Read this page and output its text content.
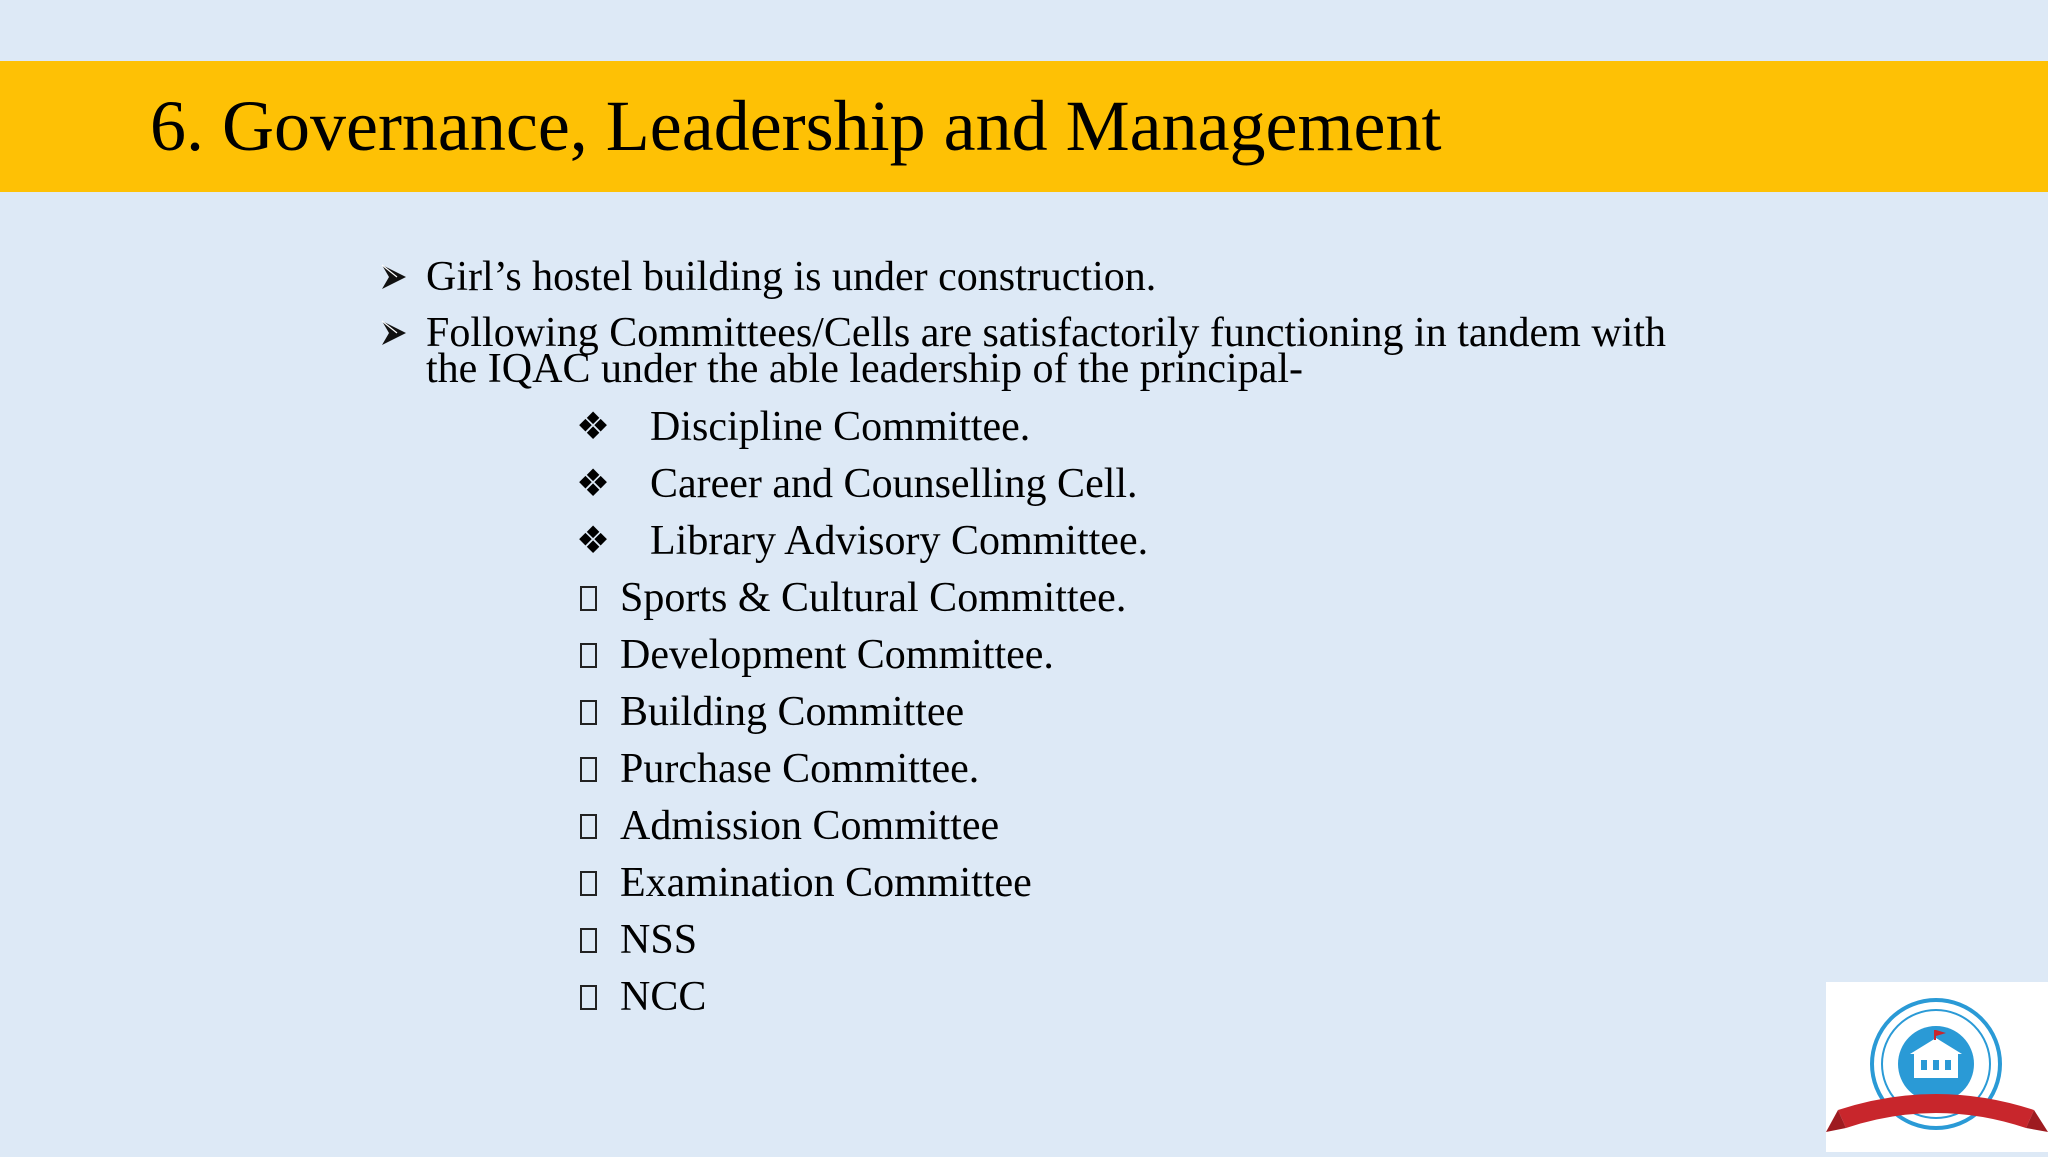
6. Governance, Leadership and Management
Girl’s hostel building is under construction.
Following Committees/Cells are satisfactorily functioning in tandem with
the IQAC under the able leadership of the principal-
❖ Discipline Committee.
❖ Career and Counselling Cell.
❖ Library Advisory Committee.
Sports & Cultural Committee.
Development Committee.
Building Committee
Purchase Committee.
Admission Committee
Examination Committee
NSS
NCC
